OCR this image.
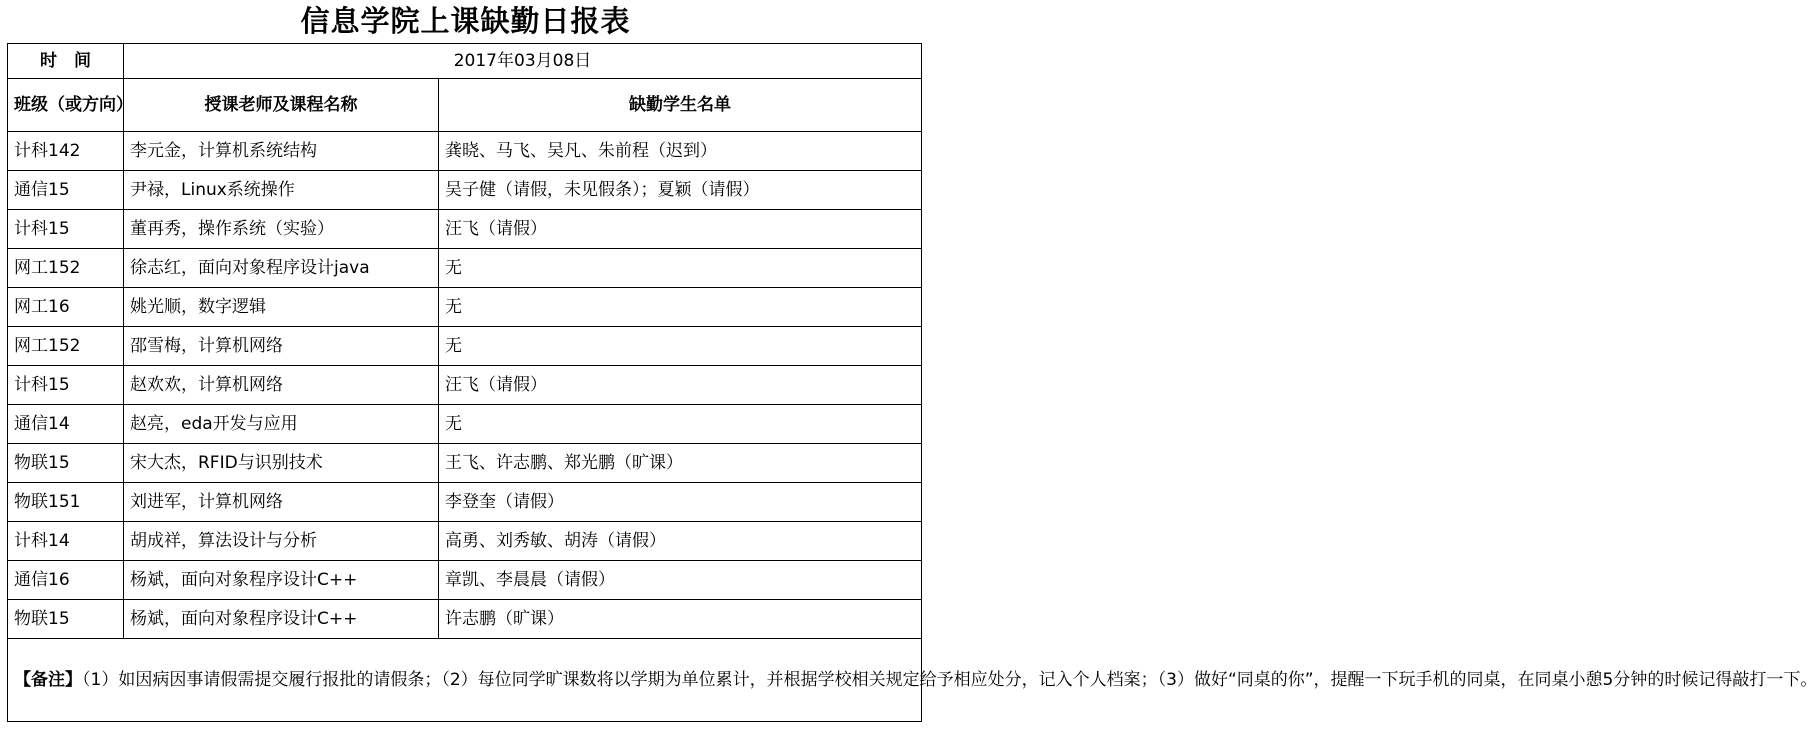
信息学院上课缺勤日报表
时　间	2017年03月08日	
班级（或方向）	授课老师及课程名称	缺勤学生名单
计科142	李元金，计算机系统结构	龚晓、马飞、吴凡、朱前程（迟到）
通信15	尹禄，Linux系统操作	吴子健（请假，未见假条）；夏颖（请假）
计科15	董再秀，操作系统（实验）	汪飞（请假）
网工152	徐志红，面向对象程序设计java	无
网工16	姚光顺，数字逻辑	无
网工152	邵雪梅，计算机网络	无
计科15	赵欢欢，计算机网络	汪飞（请假）
通信14	赵亮，eda开发与应用	无
物联15	宋大杰，RFID与识别技术	王飞、许志鹏、郑光鹏（旷课）
物联151	刘进军，计算机网络	李登奎（请假）
计科14	胡成祥，算法设计与分析	高勇、刘秀敏、胡涛（请假）
通信16	杨斌，面向对象程序设计C++	章凯、李晨晨（请假）
物联15	杨斌，面向对象程序设计C++	许志鹏（旷课）
【备注】（1）如因病因事请假需提交履行报批的请假条；（2）每位同学旷课数将以学期为单位累计，并根据学校相关规定给予相应处分，记入个人档案；（3）做好“同桌的你”，提醒一下玩手机的同桌，在同桌小憩5分钟的时候记得敲打一下。		
